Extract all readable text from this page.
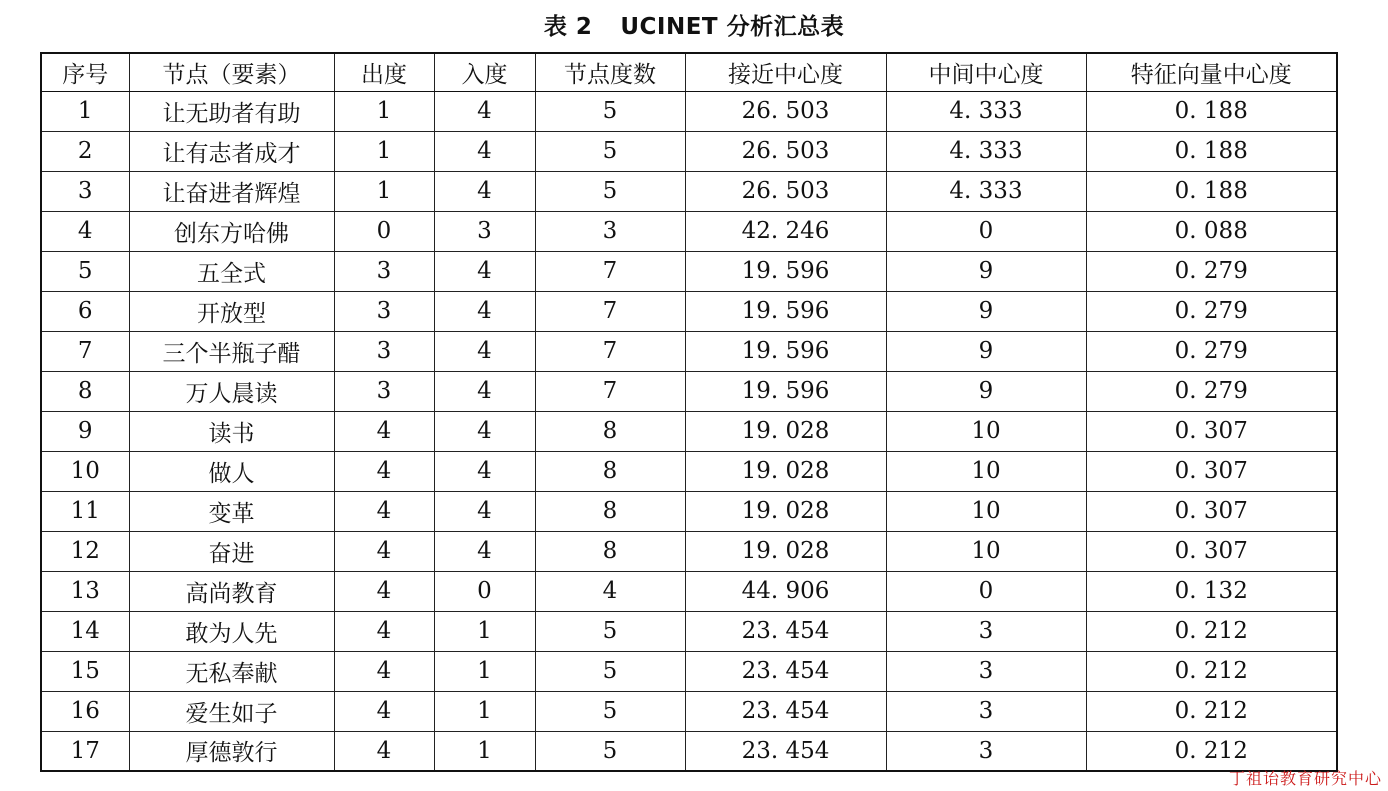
表 2 UCINET 分析汇总表
序号	节点（要素）	出度	入度	节点度数	接近中心度	中间中心度	特征向量中心度
1	让无助者有助	1	4	5	26. 503	4. 333	0. 188
2	让有志者成才	1	4	5	26. 503	4. 333	0. 188
3	让奋进者辉煌	1	4	5	26. 503	4. 333	0. 188
4	创东方哈佛	0	3	3	42. 246	0	0. 088
5	五全式	3	4	7	19. 596	9	0. 279
6	开放型	3	4	7	19. 596	9	0. 279
7	三个半瓶子醋	3	4	7	19. 596	9	0. 279
8	万人晨读	3	4	7	19. 596	9	0. 279
9	读书	4	4	8	19. 028	10	0. 307
10	做人	4	4	8	19. 028	10	0. 307
11	变革	4	4	8	19. 028	10	0. 307
12	奋进	4	4	8	19. 028	10	0. 307
13	高尚教育	4	0	4	44. 906	0	0. 132
14	敢为人先	4	1	5	23. 454	3	0. 212
15	无私奉献	4	1	5	23. 454	3	0. 212
16	爱生如子	4	1	5	23. 454	3	0. 212
17	厚德敦行	4	1	5	23. 454	3	0. 212
丁祖诒教育研究中心
